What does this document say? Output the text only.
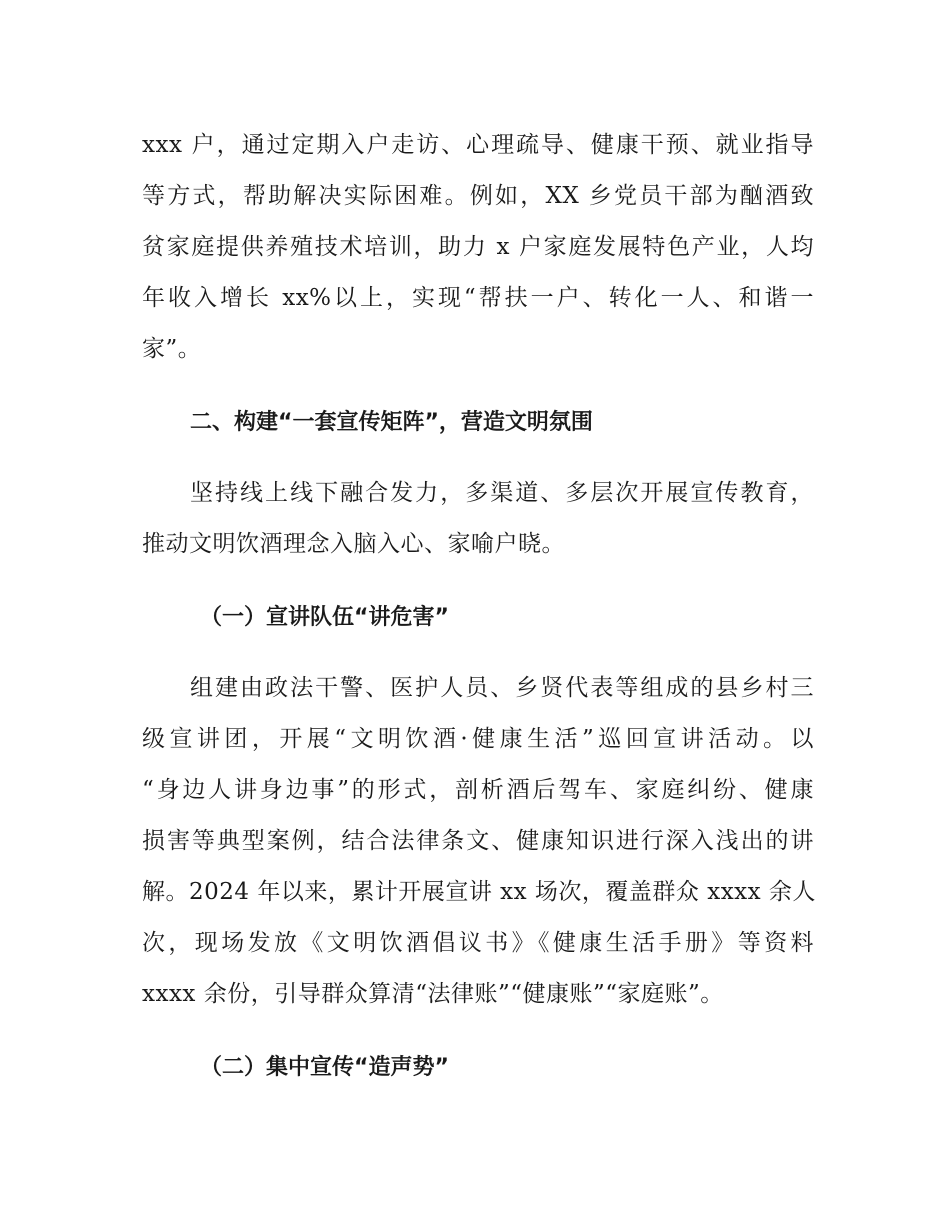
xxx 户，通过定期入户走访、心理疏导、健康干预、就业指导
等方式，帮助解决实际困难。例如，XX 乡党员干部为酗酒致
贫家庭提供养殖技术培训，助力 x 户家庭发展特色产业，人均
年收入增长 xx%以上，实现“帮扶一户、转化一人、和谐一
家”。
二、构建“一套宣传矩阵”，营造文明氛围
坚持线上线下融合发力，多渠道、多层次开展宣传教育，
推动文明饮酒理念入脑入心、家喻户晓。
（一）宣讲队伍“讲危害”
组建由政法干警、医护人员、乡贤代表等组成的县乡村三
级宣讲团，开展“文明饮酒·健康生活”巡回宣讲活动。以
“身边人讲身边事”的形式，剖析酒后驾车、家庭纠纷、健康
损害等典型案例，结合法律条文、健康知识进行深入浅出的讲
解。2024 年以来，累计开展宣讲 xx 场次，覆盖群众 xxxx 余人
次，现场发放《文明饮酒倡议书》《健康生活手册》等资料
xxxx 余份，引导群众算清“法律账”“健康账”“家庭账”。
（二）集中宣传“造声势”
